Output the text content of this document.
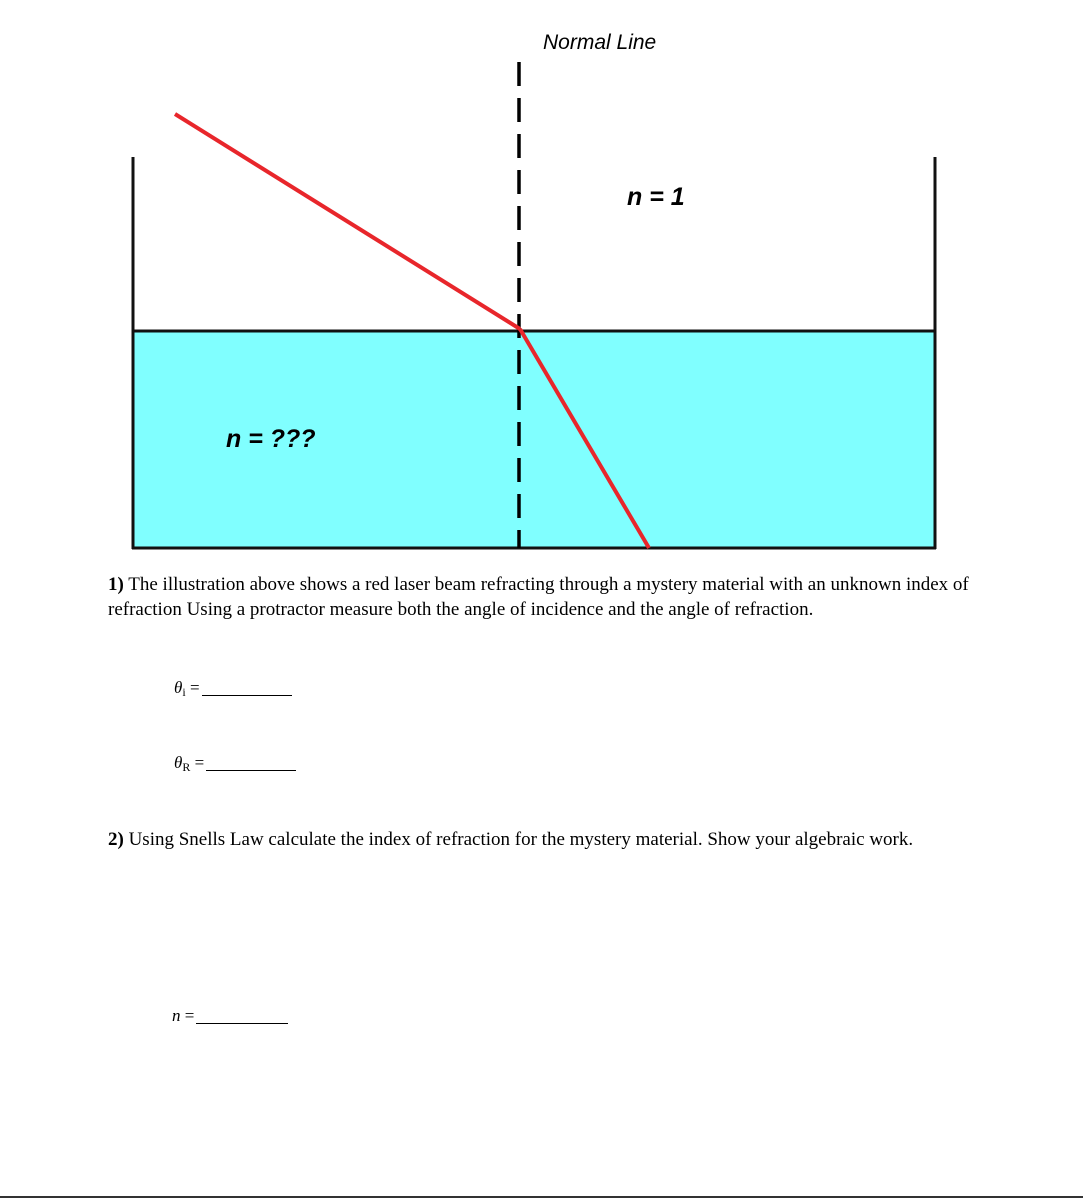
Normal Line
n = 1
n = ???
1) The illustration above shows a red laser beam refracting through a mystery material with an unknown index of refraction Using a protractor measure both the angle of incidence and the angle of refraction.
$\theta_i$ =
$\theta_R$ =
2) Using Snells Law calculate the index of refraction for the mystery material. Show your algebraic work.
n =
